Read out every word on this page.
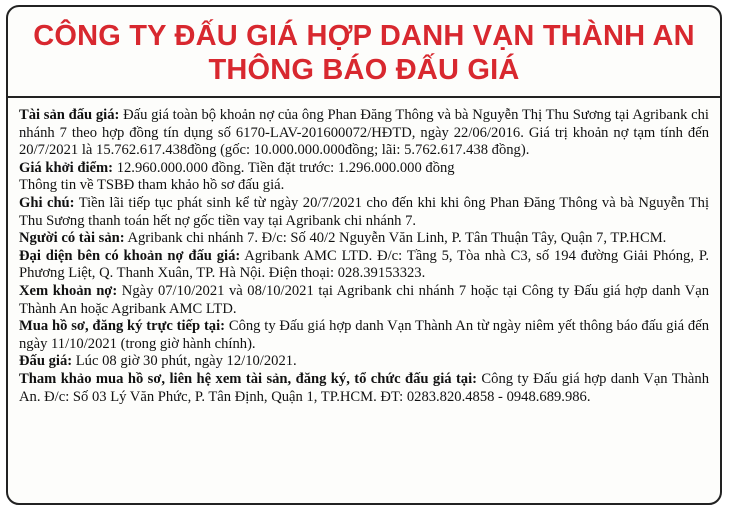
CÔNG TY ĐẤU GIÁ HỢP DANH VẠN THÀNH AN
THÔNG BÁO ĐẤU GIÁ

Tài sản đấu giá: Đấu giá toàn bộ khoản nợ của ông Phan Đăng Thông và bà Nguyễn Thị Thu Sương tại Agribank chi nhánh 7 theo hợp đồng tín dụng số 6170-LAV-201600072/HĐTD, ngày 22/06/2016. Giá trị khoản nợ tạm tính đến 20/7/2021 là 15.762.617.438đồng (gốc: 10.000.000.000đồng; lãi: 5.762.617.438 đồng).

Giá khởi điểm: 12.960.000.000 đồng. Tiền đặt trước: 1.296.000.000 đồng

Thông tin về TSBĐ tham khảo hồ sơ đấu giá.

Ghi chú: Tiền lãi tiếp tục phát sinh kể từ ngày 20/7/2021 cho đến khi khi ông Phan Đăng Thông và bà Nguyễn Thị Thu Sương thanh toán hết nợ gốc tiền vay tại Agribank chi nhánh 7.

Người có tài sản: Agribank chi nhánh 7. Đ/c: Số 40/2 Nguyễn Văn Linh, P. Tân Thuận Tây, Quận 7, TP.HCM.

Đại diện bên có khoản nợ đấu giá: Agribank AMC LTD. Đ/c: Tầng 5, Tòa nhà C3, số 194 đường Giải Phóng, P. Phương Liệt, Q. Thanh Xuân, TP. Hà Nội. Điện thoại: 028.39153323.

Xem khoản nợ: Ngày 07/10/2021 và 08/10/2021 tại Agribank chi nhánh 7 hoặc tại Công ty Đấu giá hợp danh Vạn Thành An hoặc Agribank AMC LTD.

Mua hồ sơ, đăng ký trực tiếp tại: Công ty Đấu giá hợp danh Vạn Thành An từ ngày niêm yết thông báo đấu giá đến ngày 11/10/2021 (trong giờ hành chính).

Đấu giá: Lúc 08 giờ 30 phút, ngày 12/10/2021.

Tham khảo mua hồ sơ, liên hệ xem tài sản, đăng ký, tổ chức đấu giá tại: Công ty Đấu giá hợp danh Vạn Thành An. Đ/c: Số 03 Lý Văn Phức, P. Tân Định, Quận 1, TP.HCM. ĐT: 0283.820.4858 - 0948.689.986.
